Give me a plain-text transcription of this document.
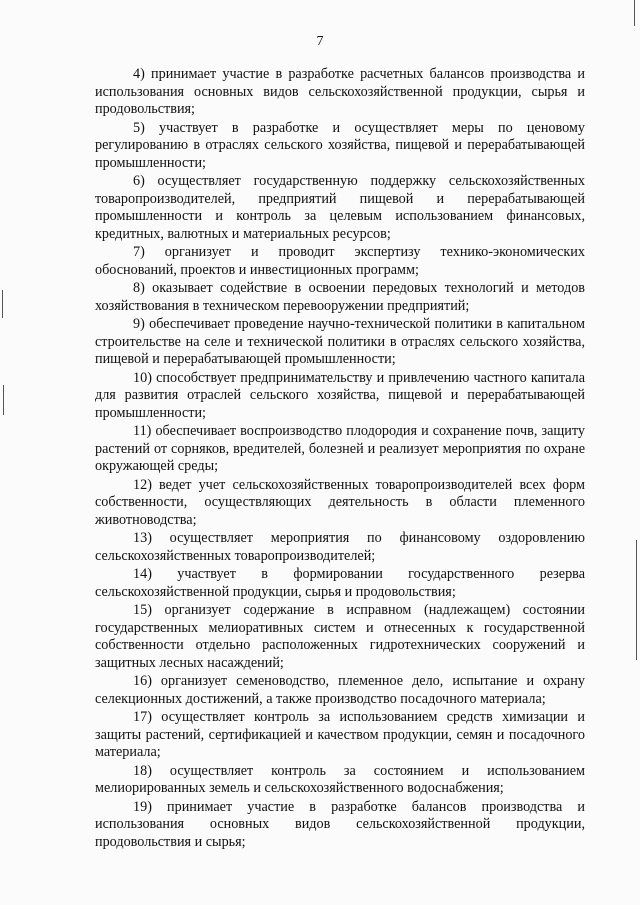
7

4) принимает участие в разработке расчетных балансов производства и использования основных видов сельскохозяйственной продукции, сырья и продовольствия;

5) участвует в разработке и осуществляет меры по ценовому регулированию в отраслях сельского хозяйства, пищевой и перерабатывающей промышленности;

6) осуществляет государственную поддержку сельскохозяйственных товаропроизводителей, предприятий пищевой и перерабатывающей промышленности и контроль за целевым использованием финансовых, кредитных, валютных и материальных ресурсов;

7) организует и проводит экспертизу технико-экономических обоснований, проектов и инвестиционных программ;

8) оказывает содействие в освоении передовых технологий и методов хозяйствования в техническом перевооружении предприятий;

9) обеспечивает проведение научно-технической политики в капитальном строительстве на селе и технической политики в отраслях сельского хозяйства, пищевой и перерабатывающей промышленности;

10) способствует предпринимательству и привлечению частного капитала для развития отраслей сельского хозяйства, пищевой и перерабатывающей промышленности;

11) обеспечивает воспроизводство плодородия и сохранение почв, защиту растений от сорняков, вредителей, болезней и реализует мероприятия по охране окружающей среды;

12) ведет учет сельскохозяйственных товаропроизводителей всех форм собственности, осуществляющих деятельность в области племенного животноводства;

13) осуществляет мероприятия по финансовому оздоровлению сельскохозяйственных товаропроизводителей;

14) участвует в формировании государственного резерва сельскохозяйственной продукции, сырья и продовольствия;

15) организует содержание в исправном (надлежащем) состоянии государственных мелиоративных систем и отнесенных к государственной собственности отдельно расположенных гидротехнических сооружений и защитных лесных насаждений;

16) организует семеноводство, племенное дело, испытание и охрану селекционных достижений, а также производство посадочного материала;

17) осуществляет контроль за использованием средств химизации и защиты растений, сертификацией и качеством продукции, семян и посадочного материала;

18) осуществляет контроль за состоянием и использованием мелиорированных земель и сельскохозяйственного водоснабжения;

19) принимает участие в разработке балансов производства и использования основных видов сельскохозяйственной продукции, продовольствия и сырья;
